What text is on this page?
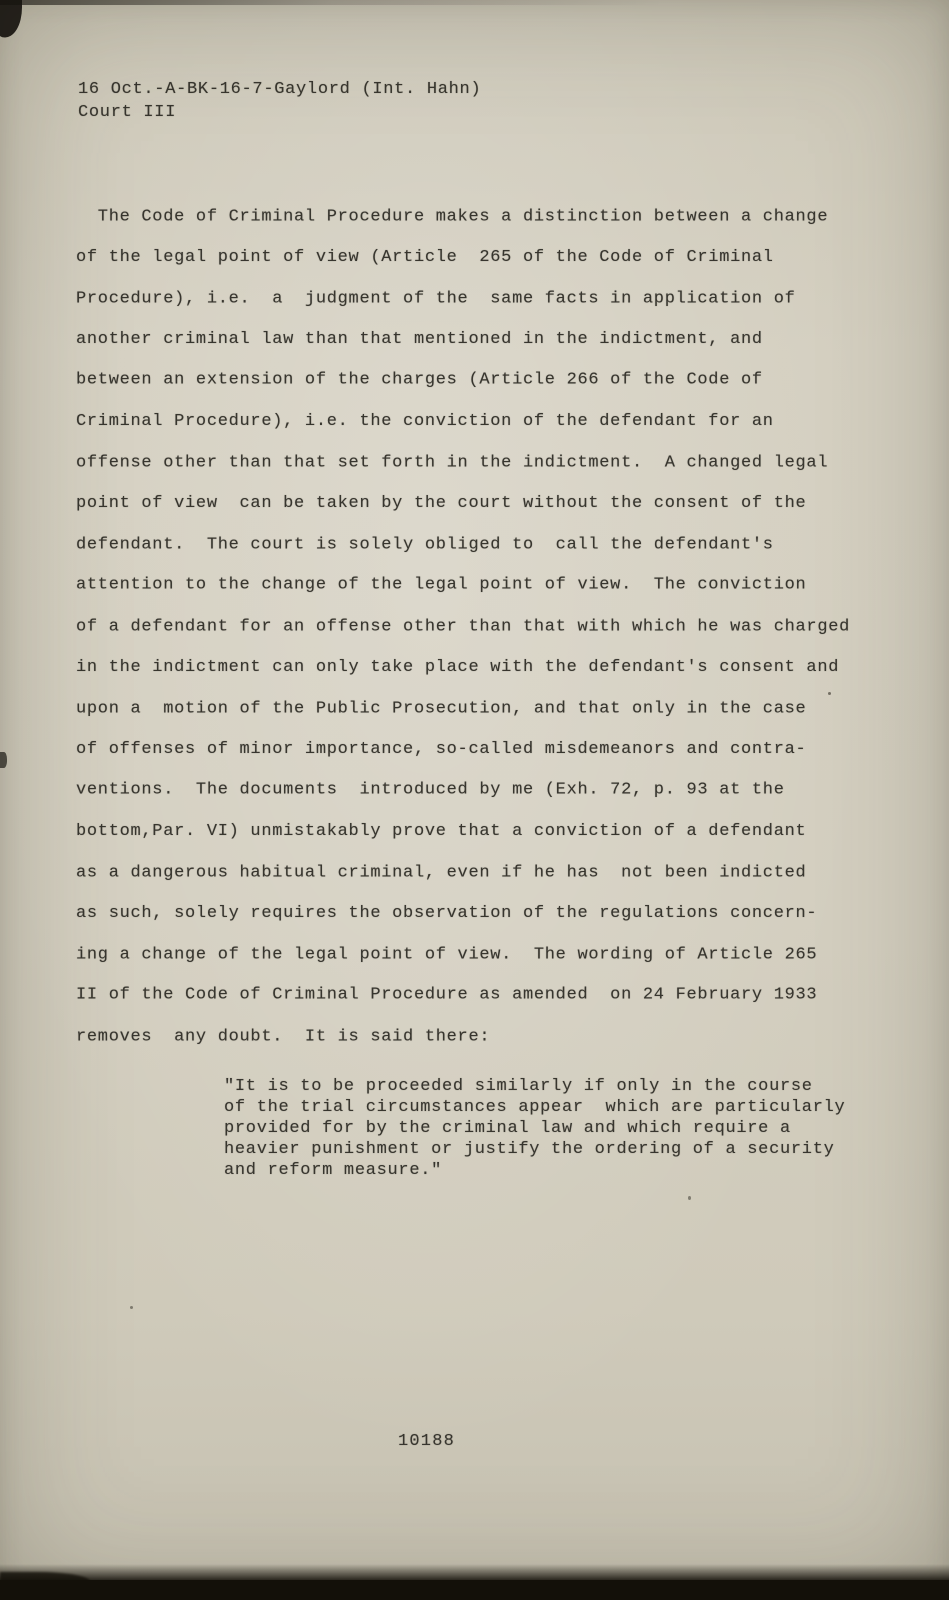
16 Oct.-A-BK-16-7-Gaylord (Int. Hahn)
Court III
The Code of Criminal Procedure makes a distinction between a change
of the legal point of view (Article  265 of the Code of Criminal
Procedure), i.e.  a  judgment of the  same facts in application of
another criminal law than that mentioned in the indictment, and
between an extension of the charges (Article 266 of the Code of
Criminal Procedure), i.e. the conviction of the defendant for an
offense other than that set forth in the indictment.  A changed legal
point of view  can be taken by the court without the consent of the
defendant.  The court is solely obliged to  call the defendant's
attention to the change of the legal point of view.  The conviction
of a defendant for an offense other than that with which he was charged
in the indictment can only take place with the defendant's consent and
upon a  motion of the Public Prosecution, and that only in the case
of offenses of minor importance, so-called misdemeanors and contra-
ventions.  The documents  introduced by me (Exh. 72, p. 93 at the
bottom,Par. VI) unmistakably prove that a conviction of a defendant
as a dangerous habitual criminal, even if he has  not been indicted
as such, solely requires the observation of the regulations concern-
ing a change of the legal point of view.  The wording of Article 265
II of the Code of Criminal Procedure as amended  on 24 February 1933
removes  any doubt.  It is said there:
"It is to be proceeded similarly if only in the course
of the trial circumstances appear  which are particularly
provided for by the criminal law and which require a
heavier punishment or justify the ordering of a security
and reform measure."
10188
